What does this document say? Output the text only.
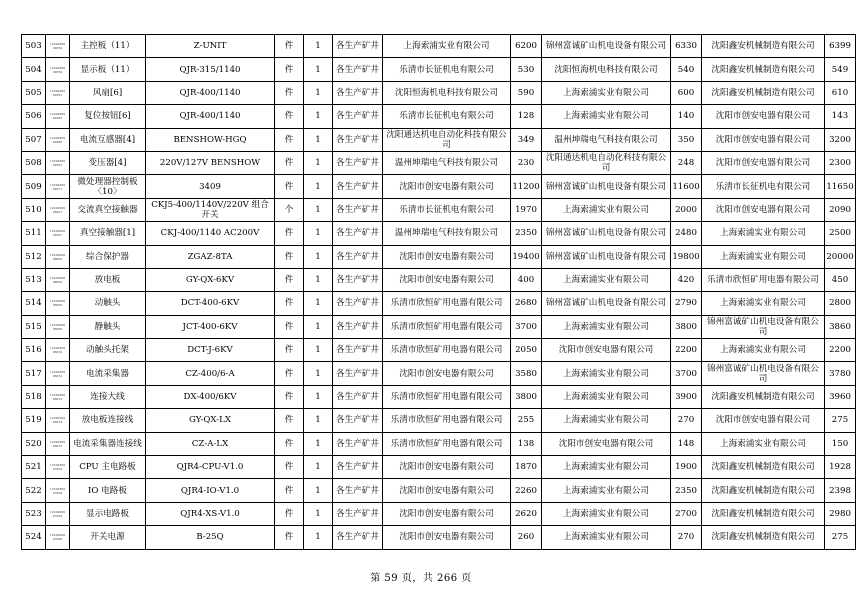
503	12200360 02850	主控板（11）	Z-UNIT	件	1	各生产矿井	上海索浦实业有限公司	6200	锦州富诚矿山机电设备有限公司	6330	沈阳鑫安机械制造有限公司	6399
504	12200360 02859	显示板（11）	QJR-315/1140	件	1	各生产矿井	乐清市长征机电有限公司	530	沈阳恒海机电科技有限公司	540	沈阳鑫安机械制造有限公司	549
505	12200360 02861	风扇[6]	QJR-400/1140	件	1	各生产矿井	沈阳恒海机电科技有限公司	590	上海索浦实业有限公司	600	沈阳鑫安机械制造有限公司	610
506	12200360 02863	复位按钮[6]	QJR-400/1140	件	1	各生产矿井	乐清市长征机电有限公司	128	上海索浦实业有限公司	140	沈阳市创安电器有限公司	143
507	12200360 02866	电流互感器[4]	BENSHOW-HGQ	件	1	各生产矿井	沈阳通达机电自动化科技有限公司	349	温州坤瑞电气科技有限公司	350	沈阳市创安电器有限公司	3200
508	12200360 02867	变压器[4]	220V/127V BENSHOW	件	1	各生产矿井	温州坤瑞电气科技有限公司	230	沈阳通达机电自动化科技有限公司	248	沈阳市创安电器有限公司	2300
509	12200360 02871	微处理器控制板〈10〉	3409	件	1	各生产矿井	沈阳市创安电器有限公司	11200	锦州富诚矿山机电设备有限公司	11600	乐清市长征机电有限公司	11650
510	12200360 06901	交流真空接触器	CKJ5-400/1140V/220V 组合开关	个	1	各生产矿井	乐清市长征机电有限公司	1970	上海索浦实业有限公司	2000	沈阳市创安电器有限公司	2090
511	12200360 05067	真空接触器[1]	CKJ-400/1140 AC200V	件	1	各生产矿井	温州坤瑞电气科技有限公司	2350	锦州富诚矿山机电设备有限公司	2480	上海索浦实业有限公司	2500
512	12200360 06802	综合保护器	ZGAZ-8TA	件	1	各生产矿井	沈阳市创安电器有限公司	19400	锦州富诚矿山机电设备有限公司	19800	上海索浦实业有限公司	20000
513	12200360 06803	放电板	GY-QX-6KV	件	1	各生产矿井	沈阳市创安电器有限公司	400	上海索浦实业有限公司	420	乐清市欣恒矿用电器有限公司	450
514	12200360 06805	动触头	DCT-400-6KV	件	1	各生产矿井	乐清市欣恒矿用电器有限公司	2680	锦州富诚矿山机电设备有限公司	2790	上海索浦实业有限公司	2800
515	12200360 06806	静触头	JCT-400-6KV	件	1	各生产矿井	乐清市欣恒矿用电器有限公司	3700	上海索浦实业有限公司	3800	锦州富诚矿山机电设备有限公司	3860
516	12200360 06810	动触头托架	DCT-J-6KV	件	1	各生产矿井	乐清市欣恒矿用电器有限公司	2050	沈阳市创安电器有限公司	2200	上海索浦实业有限公司	2200
517	12200360 06812	电流采集器	CZ-400/6-A	件	1	各生产矿井	沈阳市创安电器有限公司	3580	上海索浦实业有限公司	3700	锦州富诚矿山机电设备有限公司	3780
518	12200360 06813	连接大线	DX-400/6KV	件	1	各生产矿井	乐清市欣恒矿用电器有限公司	3800	上海索浦实业有限公司	3900	沈阳鑫安机械制造有限公司	3960
519	12200360 06814	放电板连接线	GY-QX-LX	件	1	各生产矿井	乐清市欣恒矿用电器有限公司	255	上海索浦实业有限公司	270	沈阳市创安电器有限公司	275
520	12200360 06815	电流采集器连接线	CZ-A-LX	件	1	各生产矿井	乐清市欣恒矿用电器有限公司	138	沈阳市创安电器有限公司	148	上海索浦实业有限公司	150
521	12200360 07803	CPU 主电路板	QJR4-CPU-V1.0	件	1	各生产矿井	沈阳市创安电器有限公司	1870	上海索浦实业有限公司	1900	沈阳鑫安机械制造有限公司	1928
522	12200360 07804	IO 电路板	QJR4-IO-V1.0	件	1	各生产矿井	沈阳市创安电器有限公司	2260	上海索浦实业有限公司	2350	沈阳鑫安机械制造有限公司	2398
523	12200360 07805	显示电路板	QJR4-XS-V1.0	件	1	各生产矿井	沈阳市创安电器有限公司	2620	上海索浦实业有限公司	2700	沈阳鑫安机械制造有限公司	2980
524	12200360 07806	开关电源	B-25Q	件	1	各生产矿井	沈阳市创安电器有限公司	260	上海索浦实业有限公司	270	沈阳鑫安机械制造有限公司	275
第 59 页，共 266 页
